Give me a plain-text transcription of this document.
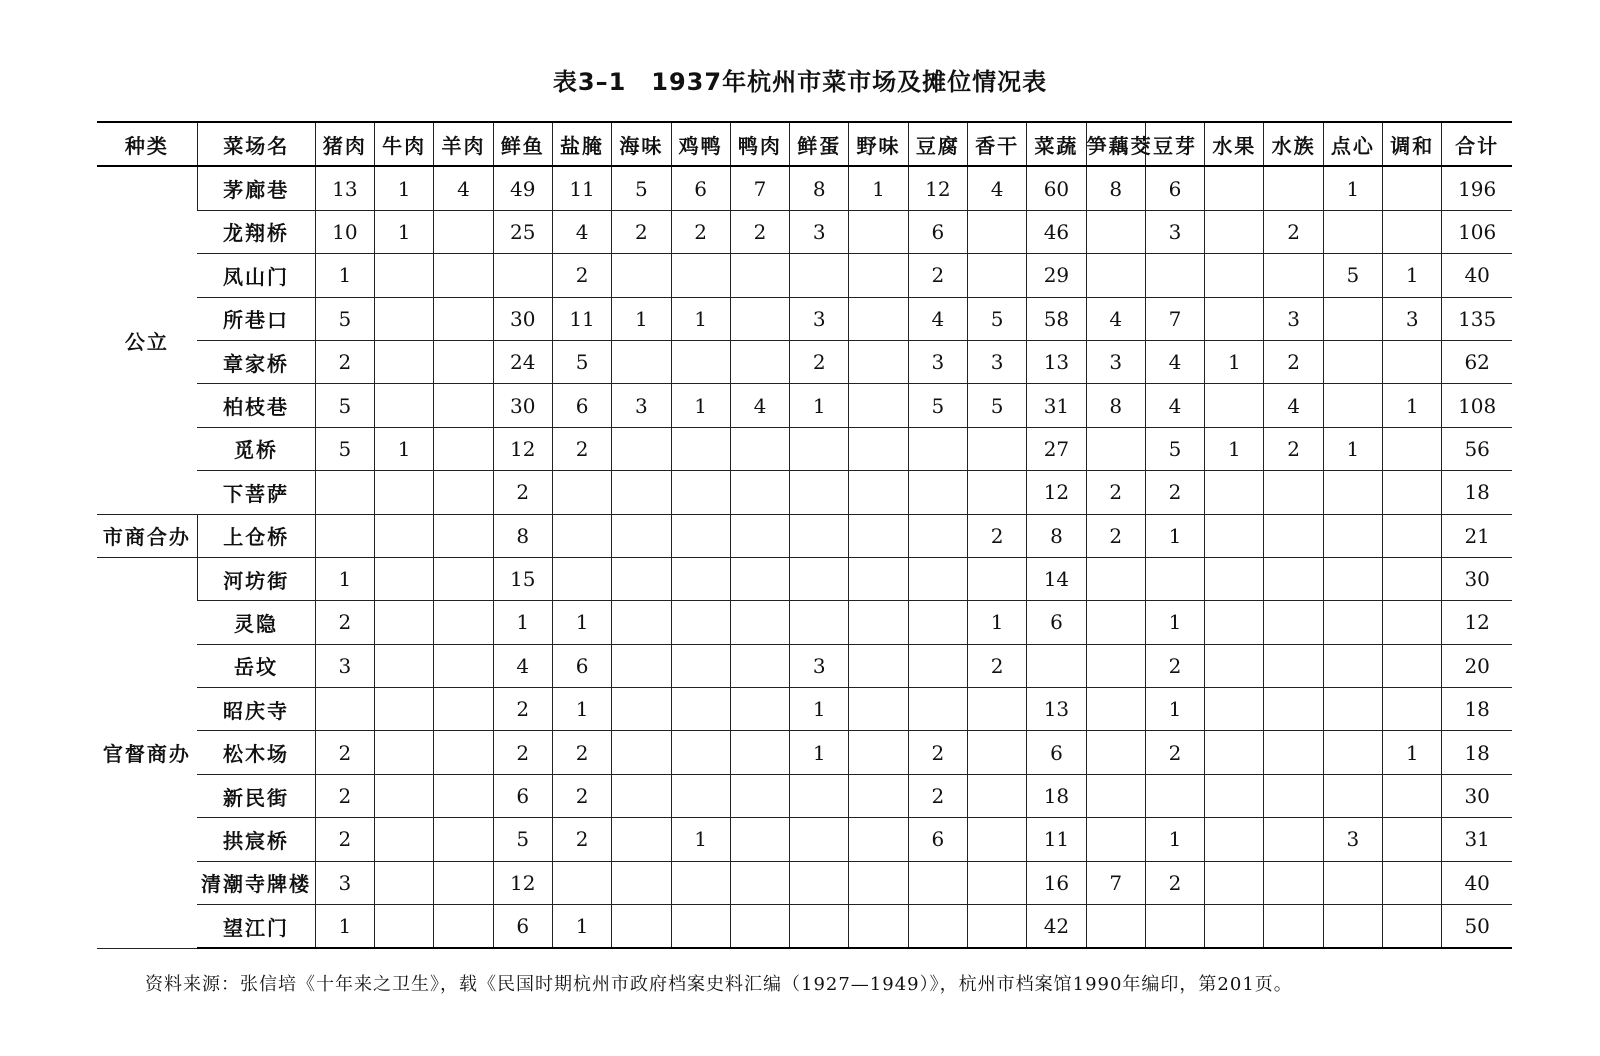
表3–1　1937年杭州市菜市场及摊位情况表
种类	菜场名	猪肉	牛肉	羊肉	鲜鱼	盐腌	海味	鸡鸭	鸭肉	鲜蛋	野味	豆腐	香干	菜蔬	笋藕茭	豆芽	水果	水族	点心	调和	合计
公立	茅廊巷	13	1	4	49	11	5	6	7	8	1	12	4	60	8	6			1		196
	龙翔桥	10	1		25	4	2	2	2	3		6		46		3		2			106
	凤山门	1				2						2		29					5	1	40
	所巷口	5			30	11	1	1		3		4	5	58	4	7		3		3	135
	章家桥	2			24	5				2		3	3	13	3	4	1	2			62
	柏枝巷	5			30	6	3	1	4	1		5	5	31	8	4		4		1	108
	觅桥	5	1		12	2								27		5	1	2	1		56
	下菩萨				2									12	2	2					18
市商合办	上仓桥				8								2	8	2	1					21
官督商办	河坊街	1			15									14							30
	灵隐	2			1	1							1	6		1					12
	岳坟	3			4	6				3			2			2					20
	昭庆寺				2	1				1				13		1					18
	松木场	2			2	2				1		2		6		2				1	18
	新民街	2			6	2						2		18							30
	拱宸桥	2			5	2		1				6		11		1			3		31
	清潮寺牌楼	3			12									16	7	2					40
	望江门	1			6	1								42							50
资料来源：张信培《十年来之卫生》，载《民国时期杭州市政府档案史料汇编（1927—1949）》，杭州市档案馆1990年编印，第201页。
